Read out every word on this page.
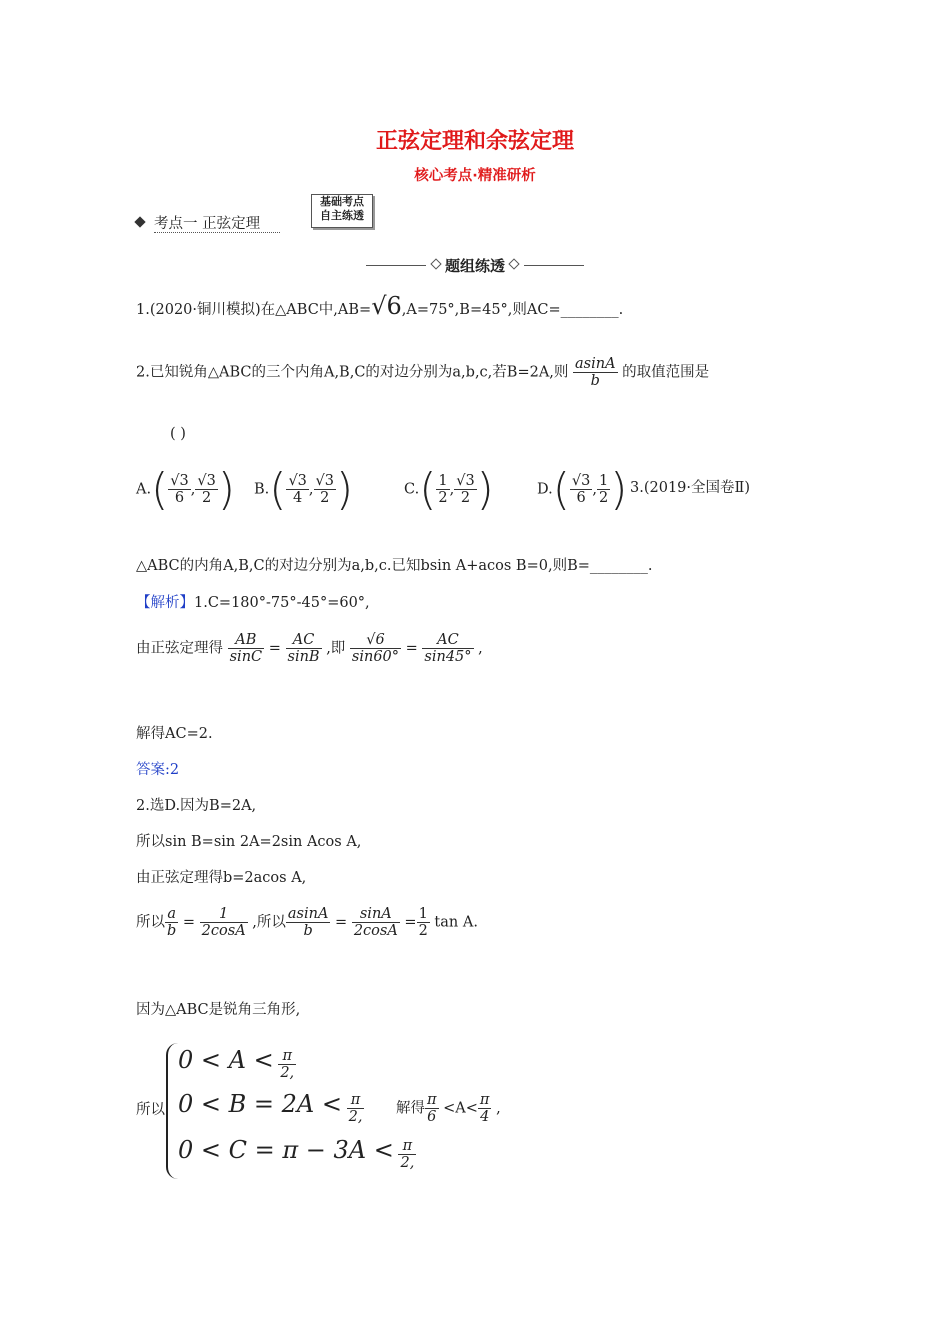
正弦定理和余弦定理
核心考点·精准研析
考点一 正弦定理
基础考点
自主练透
题组练透
1.(2020·铜川模拟)在△ABC中,AB=√6,A=75°,B=45°,则AC=________.
2.已知锐角△ABC的三个内角A,B,C的对边分别为a,b,c,若B=2A,则 $\frac{asinA}{b}$ 的取值范围是
( )
$A.( \frac{√3}{6}$ , $\frac{√3}{2}$ ) $B.( \frac{√3}{4}$ , $\frac{√3}{2}$ )	$C.( \frac{1}{2}$ , $\frac{√3}{2}$ )	$D.( \frac{√3}{6}$ , $\frac{1}{2}$ ) 3.(2019·全国卷Ⅱ)
△ABC的内角A,B,C的对边分别为a,b,c.已知bsin A+acos B=0,则B=________.
【解析】1.C=180°-75°-45°=60°,
由正弦定理得 $\frac{AB}{\sin C} = \frac{AC}{\sin B}$ ,即 $\frac{√6}{\sin 60^\circ} = \frac{AC}{\sin 45^\circ}$ ,
解得AC=2.
答案:2
2.选D.因为B=2A,
所以sin B=sin 2A=2sin Acos A,
由正弦定理得b=2acos A,
所以 $\frac{a}{b} = \frac{1}{2\cos A}$ ,所以 $\frac{asinA}{b} = \frac{\sin A}{2\cos A} = \frac{1}{2}$ tan A.
因为△ABC是锐角三角形,
所以
$0 < A < \frac{\pi}{2,}$
$0 < B = 2A < \frac{\pi}{2,}$
$0 < C = \pi - 3A < \frac{\pi}{2,}$
解得 $\frac{\pi}{6} <A< \frac{\pi}{4}$ ,
